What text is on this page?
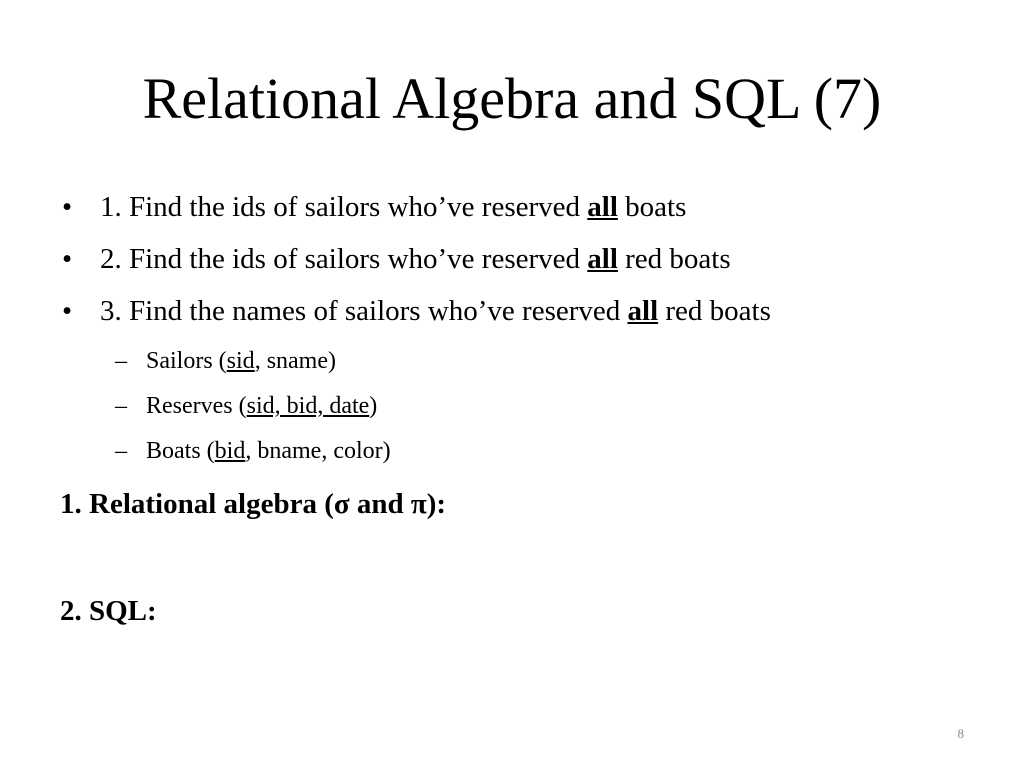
Relational Algebra and SQL (7)
• 1. Find the ids of sailors who’ve reserved all boats
• 2. Find the ids of sailors who’ve reserved all red boats
• 3. Find the names of sailors who’ve reserved all red boats
– Sailors (sid, sname)
– Reserves (sid, bid, date)
– Boats (bid, bname, color)
1. Relational algebra (σ and π):
2. SQL:
8
